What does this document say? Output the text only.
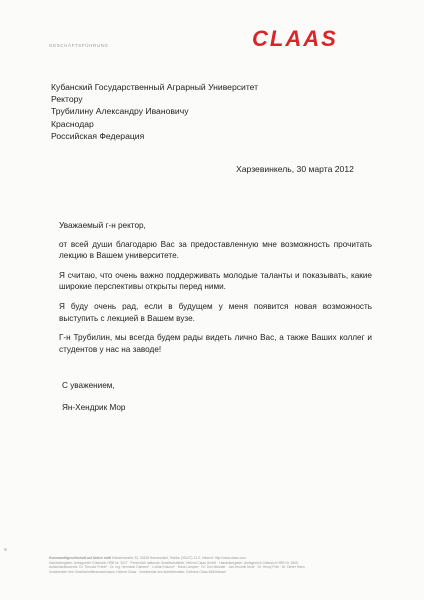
GESCHÄFTSFÜHRUNG	CLAAS
Кубанский Государственный Аграрный Университет
Ректору
Трубилину Александру Ивановичу
Краснодар
Российская Федерация
Харзевинкель, 30 марта 2012

Уважаемый г-н ректор,

от всей души благодарю Вас за предоставленную мне возможность прочитать лекцию в Вашем университете.

Я считаю, что очень важно поддерживать молодые таланты и показывать, какие широкие перспективы открыты перед ними.

Я буду очень рад, если в будущем у меня появится новая возможность выступить с лекцией в Вашем вузе.

Г-н Трубилин, мы всегда будем рады видеть лично Вас, а также Ваших коллег и студентов у нас на заводе!

С уважением,
Ян-Хендрик Мор
Kommanditgesellschaft auf Aktien mbH Münsterstraße 33, 33428 Harsewinkel, Telefon (05247) 12-0, Internet: http://www.claas.com
Handelsregister: Amtsgericht Gütersloh HRB Nr. 3027 · Persönlich haftende Gesellschafterin: Helmut Claas GmbH · Handelsregister: Amtsgericht Gütersloh HRB Nr. 2848
Aufsichtsratsvorsitz: Dr. Theodor Frank* · Dr. Ing. Hermann Garbers* · Lothar Kriszun* · Hans Lampert · Dr. Tom Meulder · Jan-Hendrik Mohr · Dr. Henry Puhl · Dr. Dieter Hahn
Vorsitzender des Gesellschafterausschusses: Helmut Claas · Vorsitzende des Aufsichtsrates: Cathrina Claas-Mühlhäuser
